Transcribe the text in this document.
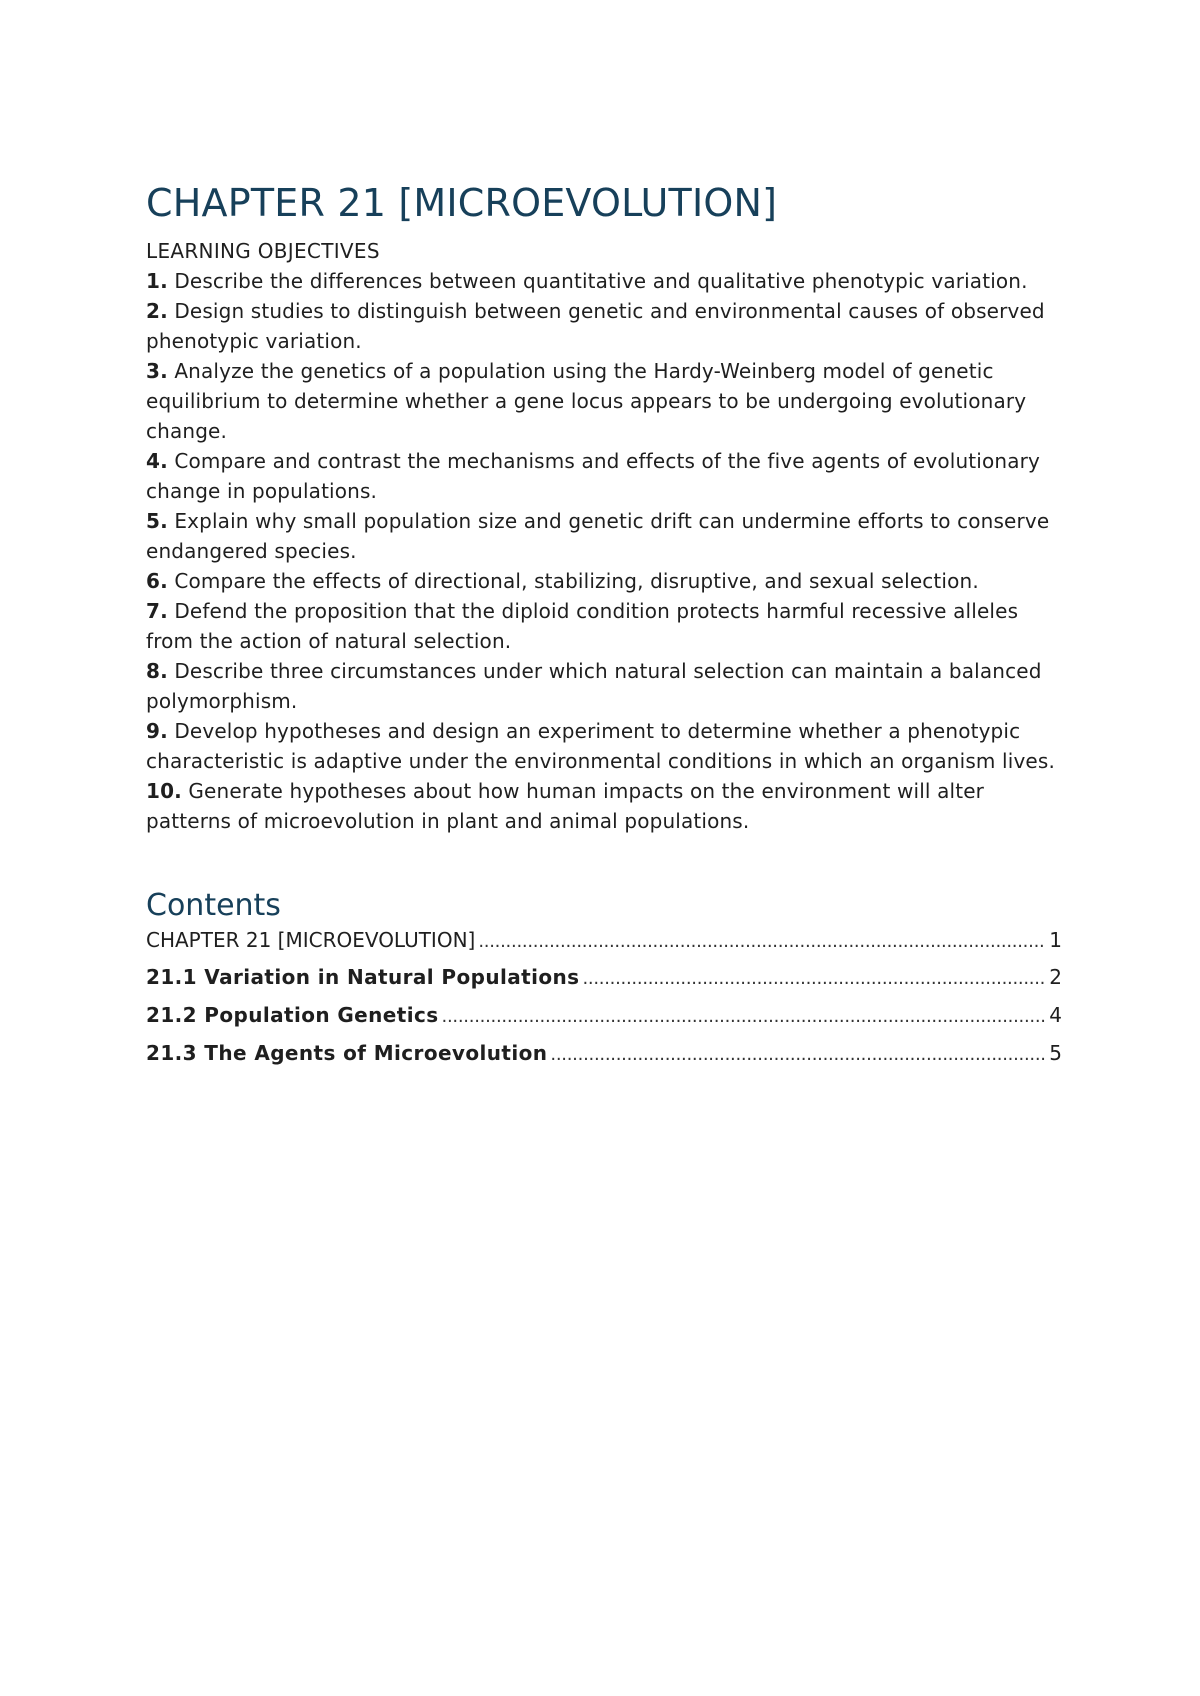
CHAPTER 21 [MICROEVOLUTION]
LEARNING OBJECTIVES
1. Describe the differences between quantitative and qualitative phenotypic variation.
2. Design studies to distinguish between genetic and environmental causes of observed phenotypic variation.
3. Analyze the genetics of a population using the Hardy-Weinberg model of genetic equilibrium to determine whether a gene locus appears to be undergoing evolutionary change.
4. Compare and contrast the mechanisms and effects of the five agents of evolutionary change in populations.
5. Explain why small population size and genetic drift can undermine efforts to conserve endangered species.
6. Compare the effects of directional, stabilizing, disruptive, and sexual selection.
7. Defend the proposition that the diploid condition protects harmful recessive alleles from the action of natural selection.
8. Describe three circumstances under which natural selection can maintain a balanced polymorphism.
9. Develop hypotheses and design an experiment to determine whether a phenotypic characteristic is adaptive under the environmental conditions in which an organism lives.
10. Generate hypotheses about how human impacts on the environment will alter patterns of microevolution in plant and animal populations.
Contents
CHAPTER 21 [MICROEVOLUTION] . . .	1
21.1 Variation in Natural Populations . . .	2
21.2 Population Genetics . . .	4
21.3 The Agents of Microevolution . . .	5
